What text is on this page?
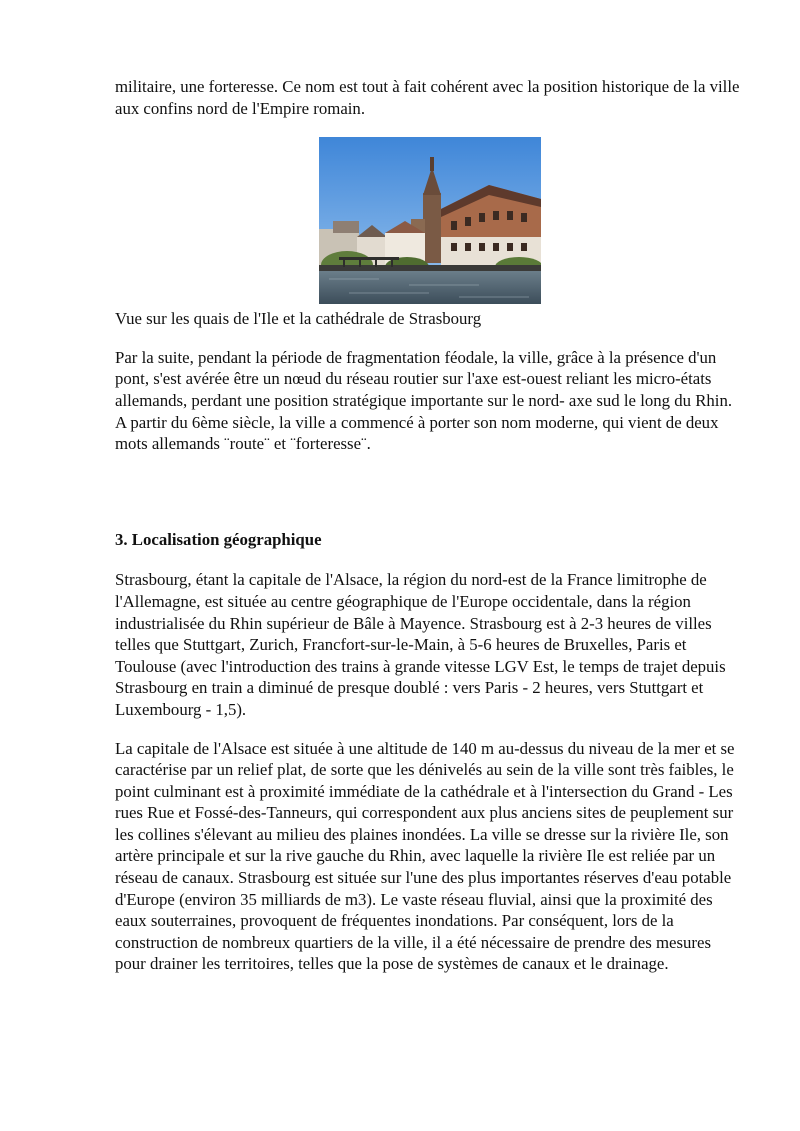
militaire, une forteresse. Ce nom est tout à fait cohérent avec la position historique de la ville aux confins nord de l'Empire romain.

Vue sur les quais de l'Ile et la cathédrale de Strasbourg

Par la suite, pendant la période de fragmentation féodale, la ville, grâce à la présence d'un pont, s'est avérée être un nœud du réseau routier sur l'axe est-ouest reliant les micro-états allemands, perdant une position stratégique importante sur le nord- axe sud le long du Rhin. A partir du 6ème siècle, la ville a commencé à porter son nom moderne, qui vient de deux mots allemands ¨route¨ et ¨forteresse¨.

3. Localisation géographique

Strasbourg, étant la capitale de l'Alsace, la région du nord-est de la France limitrophe de l'Allemagne, est située au centre géographique de l'Europe occidentale, dans la région industrialisée du Rhin supérieur de Bâle à Mayence. Strasbourg est à 2-3 heures de villes telles que Stuttgart, Zurich, Francfort-sur-le-Main, à 5-6 heures de Bruxelles, Paris et Toulouse (avec l'introduction des trains à grande vitesse LGV Est, le temps de trajet depuis Strasbourg en train a diminué de presque doublé : vers Paris - 2 heures, vers Stuttgart et Luxembourg - 1,5).

La capitale de l'Alsace est située à une altitude de 140 m au-dessus du niveau de la mer et se caractérise par un relief plat, de sorte que les dénivelés au sein de la ville sont très faibles, le point culminant est à proximité immédiate de la cathédrale et à l'intersection du Grand - Les rues Rue et Fossé-des-Tanneurs, qui correspondent aux plus anciens sites de peuplement sur les collines s'élevant au milieu des plaines inondées. La ville se dresse sur la rivière Ile, son artère principale et sur la rive gauche du Rhin, avec laquelle la rivière Ile est reliée par un réseau de canaux. Strasbourg est située sur l'une des plus importantes réserves d'eau potable d'Europe (environ 35 milliards de m3). Le vaste réseau fluvial, ainsi que la proximité des eaux souterraines, provoquent de fréquentes inondations. Par conséquent, lors de la construction de nombreux quartiers de la ville, il a été nécessaire de prendre des mesures pour drainer les territoires, telles que la pose de systèmes de canaux et le drainage.
